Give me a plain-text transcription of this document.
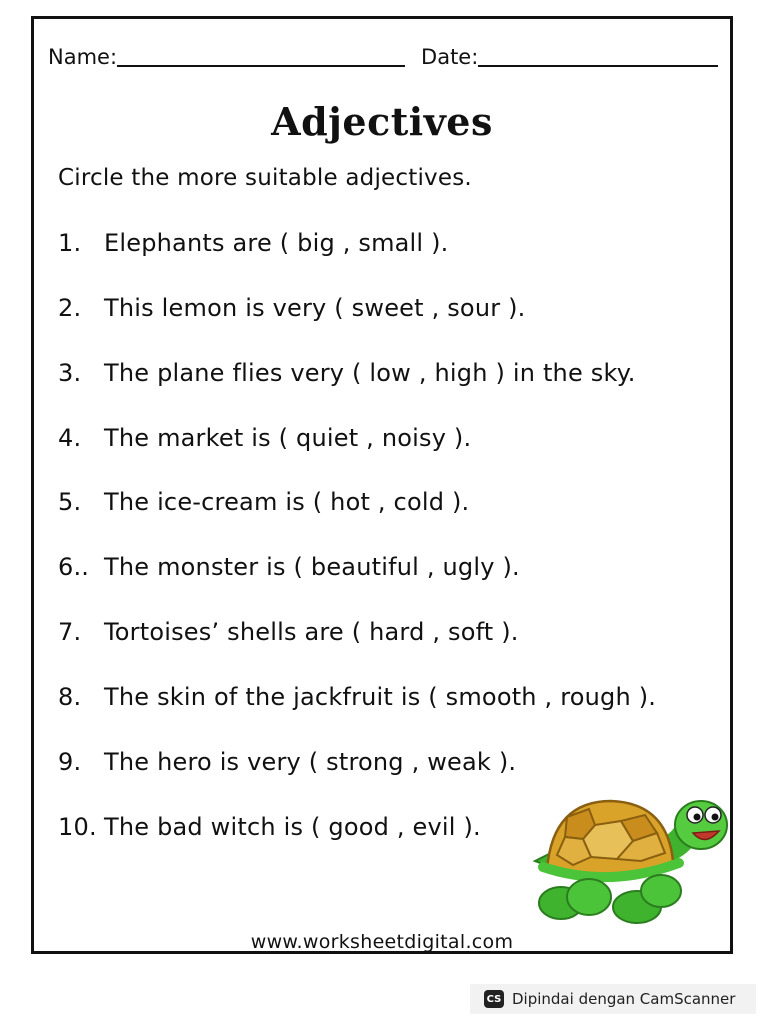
Name:	Date:
Adjectives
Circle the more suitable adjectives.
1. Elephants are ( big , small ).
2. This lemon is very ( sweet , sour ).
3. The plane flies very ( low , high ) in the sky.
4. The market is ( quiet , noisy ).
5. The ice-cream is ( hot , cold ).
6.. The monster is ( beautiful , ugly ).
7. Tortoises’ shells are ( hard , soft ).
8. The skin of the jackfruit is ( smooth , rough ).
9. The hero is very ( strong , weak ).
10. The bad witch is ( good , evil ).
www.worksheetdigital.com
CS Dipindai dengan CamScanner
